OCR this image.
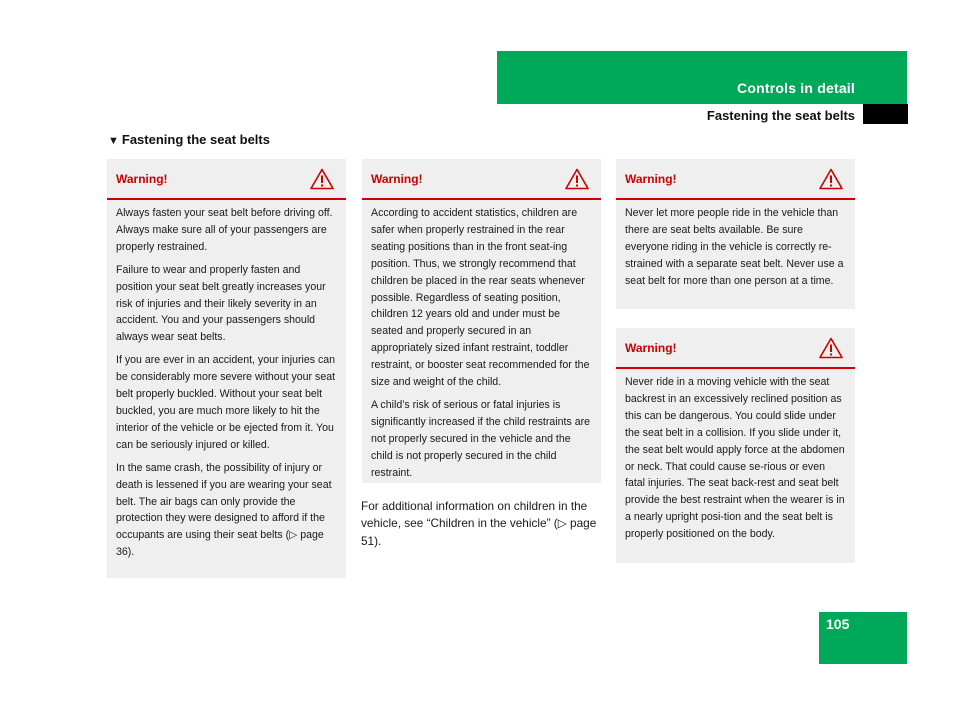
Controls in detail
Fastening the seat belts
▼ Fastening the seat belts
Warning!

Always fasten your seat belt before driving off. Always make sure all of your passengers are properly restrained.

Failure to wear and properly fasten and position your seat belt greatly increases your risk of injuries and their likely severity in an accident. You and your passengers should always wear seat belts.

If you are ever in an accident, your injuries can be considerably more severe without your seat belt properly buckled. Without your seat belt buckled, you are much more likely to hit the interior of the vehicle or be ejected from it. You can be seriously injured or killed.

In the same crash, the possibility of injury or death is lessened if you are wearing your seat belt. The air bags can only provide the protection they were designed to afford if the occupants are using their seat belts (▷ page 36).

Warning!

According to accident statistics, children are safer when properly restrained in the rear seating positions than in the front seat-ing position. Thus, we strongly recommend that children be placed in the rear seats whenever possible. Regardless of seating position, children 12 years old and under must be seated and properly secured in an appropriately sized infant restraint, toddler restraint, or booster seat recommended for the size and weight of the child.

A child’s risk of serious or fatal injuries is significantly increased if the child restraints are not properly secured in the vehicle and the child is not properly secured in the child restraint.

For additional information on children in the vehicle, see “Children in the vehicle” (▷ page 51).

Warning!

Never let more people ride in the vehicle than there are seat belts available. Be sure everyone riding in the vehicle is correctly re-strained with a separate seat belt. Never use a seat belt for more than one person at a time.

Warning!

Never ride in a moving vehicle with the seat backrest in an excessively reclined position as this can be dangerous. You could slide under the seat belt in a collision. If you slide under it, the seat belt would apply force at the abdomen or neck. That could cause se-rious or even fatal injuries. The seat back-rest and seat belt provide the best restraint when the wearer is in a nearly upright posi-tion and the seat belt is properly positioned on the body.

105
